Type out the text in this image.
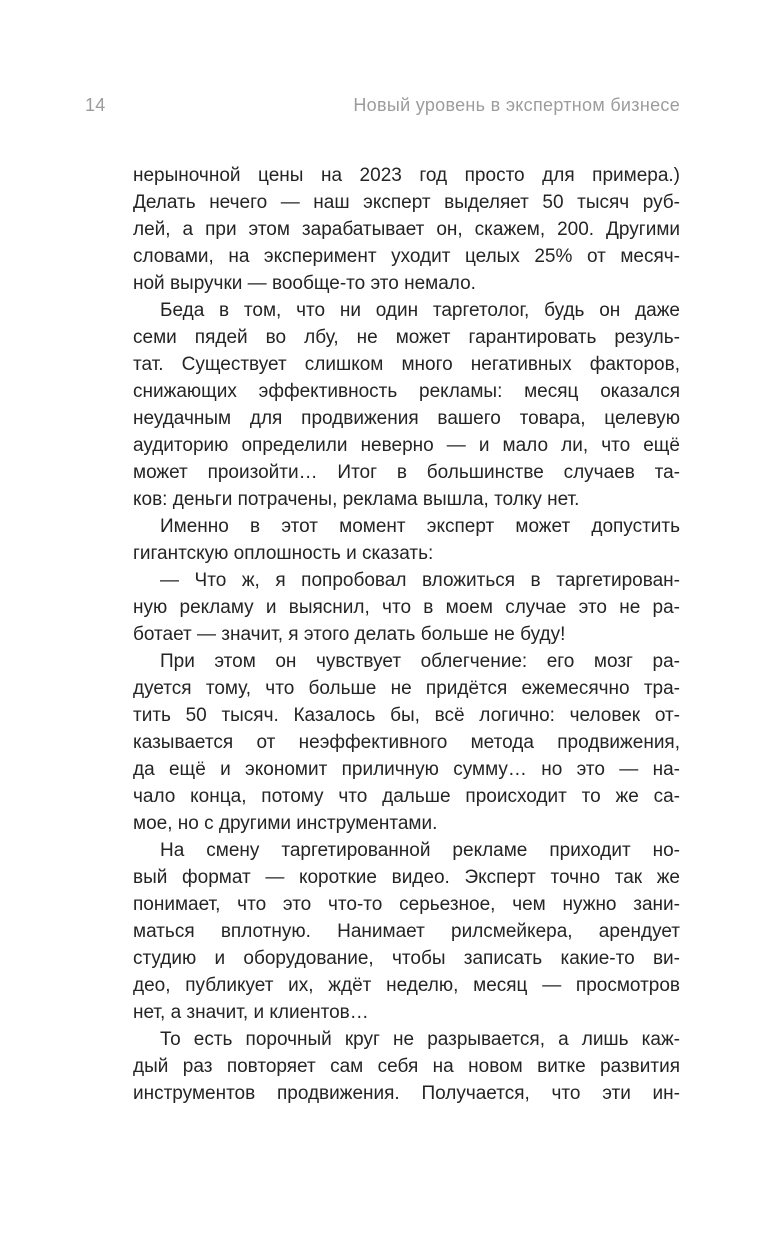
14	Новый уровень в экспертном бизнесе
нерыночной цены на 2023 год просто для примера.)
Делать нечего — наш эксперт выделяет 50 тысяч руб-
лей, а при этом зарабатывает он, скажем, 200. Другими
словами, на эксперимент уходит целых 25% от месяч-
ной выручки — вообще-то это немало.
Беда в том, что ни один таргетолог, будь он даже
семи пядей во лбу, не может гарантировать резуль-
тат. Существует слишком много негативных факторов,
снижающих эффективность рекламы: месяц оказался
неудачным для продвижения вашего товара, целевую
аудиторию определили неверно — и мало ли, что ещё
может произойти… Итог в большинстве случаев та-
ков: деньги потрачены, реклама вышла, толку нет.
Именно в этот момент эксперт может допустить
гигантскую оплошность и сказать:
— Что ж, я попробовал вложиться в таргетирован-
ную рекламу и выяснил, что в моем случае это не ра-
ботает — значит, я этого делать больше не буду!
При этом он чувствует облегчение: его мозг ра-
дуется тому, что больше не придётся ежемесячно тра-
тить 50 тысяч. Казалось бы, всё логично: человек от-
казывается от неэффективного метода продвижения,
да ещё и экономит приличную сумму… но это — на-
чало конца, потому что дальше происходит то же са-
мое, но с другими инструментами.
На смену таргетированной рекламе приходит но-
вый формат — короткие видео. Эксперт точно так же
понимает, что это что-то серьезное, чем нужно зани-
маться вплотную. Нанимает рилсмейкера, арендует
студию и оборудование, чтобы записать какие-то ви-
део, публикует их, ждёт неделю, месяц — просмотров
нет, а значит, и клиентов…
То есть порочный круг не разрывается, а лишь каж-
дый раз повторяет сам себя на новом витке развития
инструментов продвижения. Получается, что эти ин-
